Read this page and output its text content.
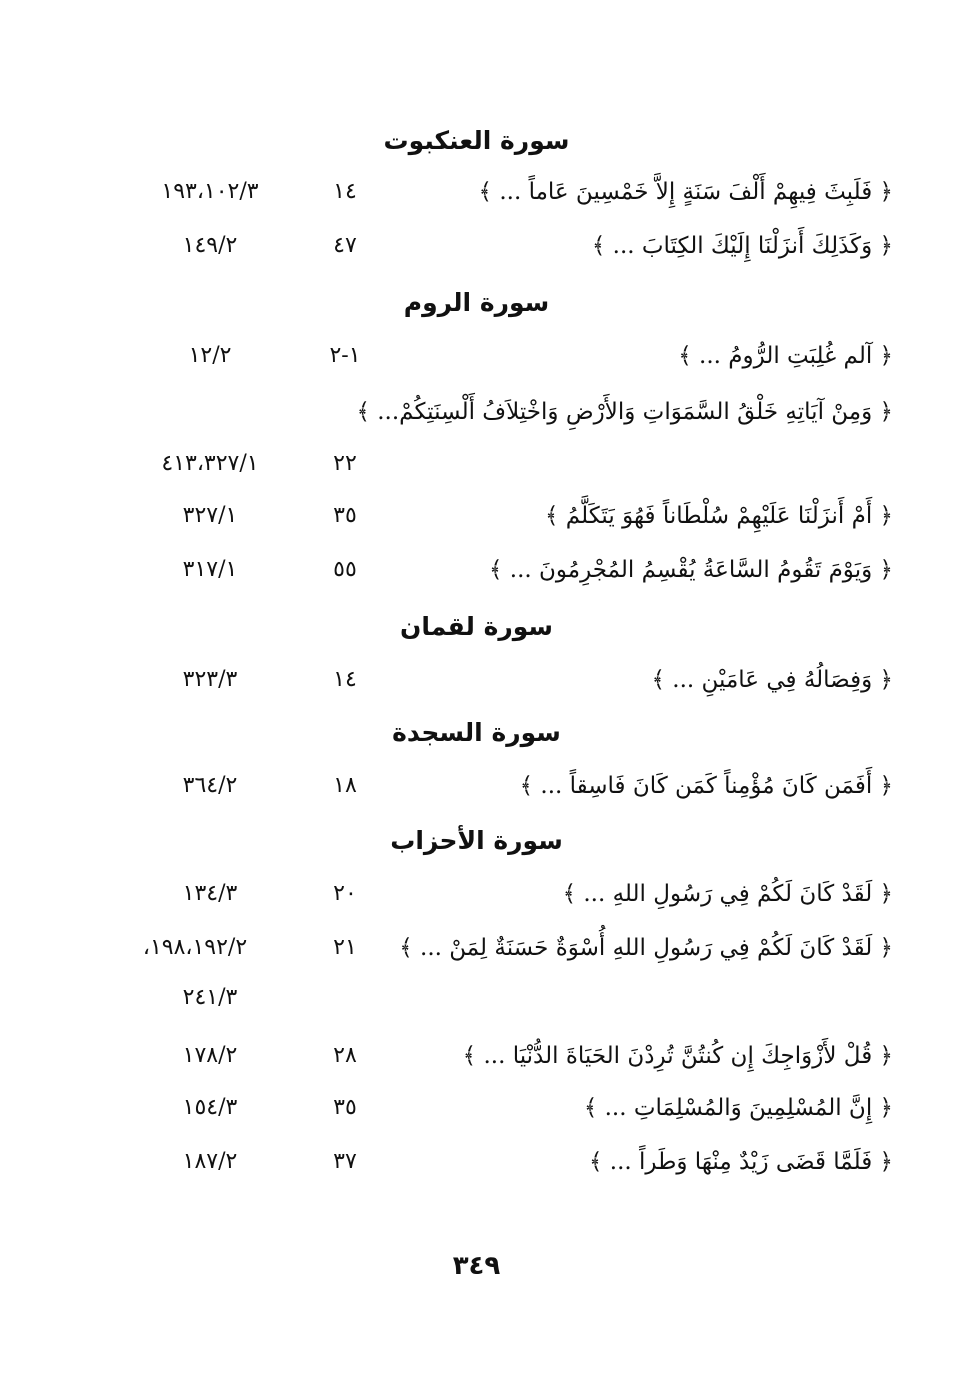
سورة العنكبوت
﴿ فَلَبِثَ فِيهِمْ أَلْفَ سَنَةٍ إِلاَّ خَمْسِينَ عَاماً ... ﴾
١٤
١٩٣،١٠٢/٣
﴿ وَكَذَلِكَ أَنزَلْنَا إِلَيْكَ الكِتَابَ ... ﴾
٤٧
١٤٩/٢
سورة الروم
﴿ آلم غُلِبَتِ الرُّومُ ... ﴾
١-٢
١٢/٢
﴿ وَمِنْ آيَاتِهِ خَلْقُ السَّمَوَاتِ وَالأَرْضِ وَاخْتِلاَفُ أَلْسِنَتِكُمْ... ﴾
٢٢
٤١٣،٣٢٧/١
﴿ أَمْ أَنزَلْنَا عَلَيْهِمْ سُلْطَاناً فَهُوَ يَتَكَلَّمُ ﴾
٣٥
٣٢٧/١
﴿ وَيَوْمَ تَقُومُ السَّاعَةُ يُقْسِمُ المُجْرِمُونَ ... ﴾
٥٥
٣١٧/١
سورة لقمان
﴿ وَفِصَالُهُ فِي عَامَيْنِ ... ﴾
١٤
٣٢٣/٣
سورة السجدة
﴿ أَفَمَن كَانَ مُؤْمِناً كَمَن كَانَ فَاسِقاً ... ﴾
١٨
٣٦٤/٢
سورة الأحزاب
﴿ لَقَدْ كَانَ لَكُمْ فِي رَسُولِ اللهِ ... ﴾
٢٠
١٣٤/٣
﴿ لَقَدْ كَانَ لَكُمْ فِي رَسُولِ اللهِ أُسْوَةٌ حَسَنَةٌ لِمَنْ ... ﴾
٢١
١٩٨،١٩٢/٢،
٢٤١/٣
﴿ قُلْ لأَزْوَاجِكَ إِن كُنتُنَّ تُرِدْنَ الحَيَاةَ الدُّنْيَا ... ﴾
٢٨
١٧٨/٢
﴿ إِنَّ المُسْلِمِينَ وَالمُسْلِمَاتِ ... ﴾
٣٥
١٥٤/٣
﴿ فَلَمَّا قَضَى زَيْدٌ مِنْهَا وَطَراً ... ﴾
٣٧
١٨٧/٢
٣٤٩
